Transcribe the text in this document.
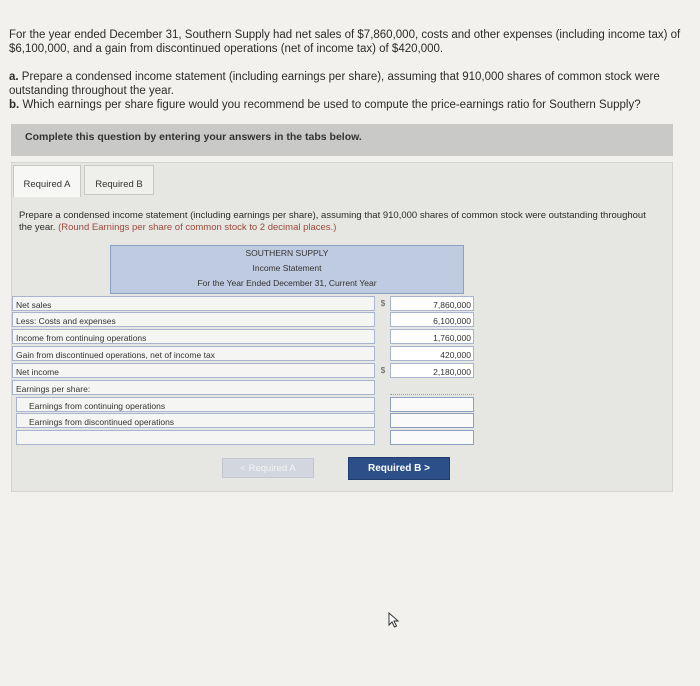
For the year ended December 31, Southern Supply had net sales of $7,860,000, costs and other expenses (including income tax) of $6,100,000, and a gain from discontinued operations (net of income tax) of $420,000.

a. Prepare a condensed income statement (including earnings per share), assuming that 910,000 shares of common stock were outstanding throughout the year.

b. Which earnings per share figure would you recommend be used to compute the price-earnings ratio for Southern Supply?

Complete this question by entering your answers in the tabs below.
Required A	Required B
Prepare a condensed income statement (including earnings per share), assuming that 910,000 shares of common stock were outstanding throughout the year. (Round Earnings per share of common stock to 2 decimal places.)
SOUTHERN SUPPLY
Income Statement
For the Year Ended December 31, Current Year
Net sales	$	7,860,000
Less: Costs and expenses	6,100,000
Income from continuing operations	1,760,000
Gain from discontinued operations, net of income tax	420,000
Net income	$	2,180,000
Earnings per share:
Earnings from continuing operations
Earnings from discontinued operations
< Required A	Required B >
